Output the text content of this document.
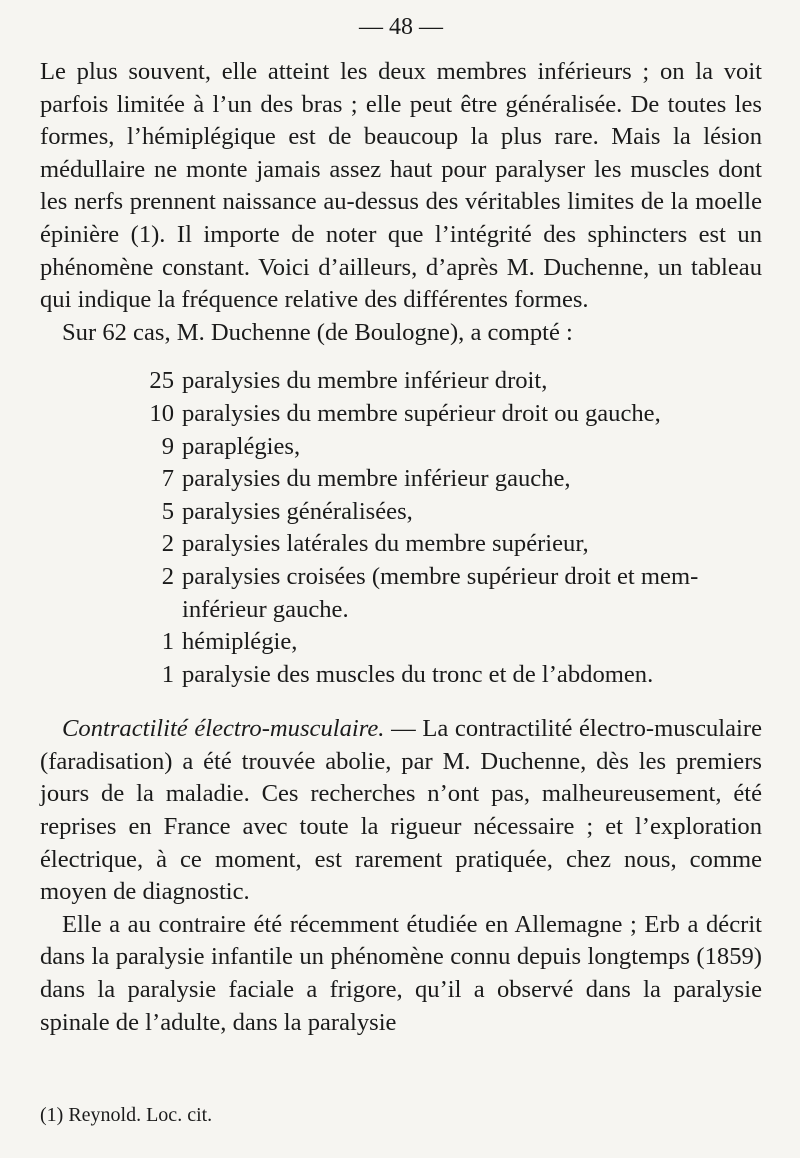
— 48 —

Le plus souvent, elle atteint les deux membres inférieurs ; on la voit parfois limitée à l’un des bras ; elle peut être généralisée. De toutes les formes, l’hémiplégique est de beaucoup la plus rare. Mais la lésion médullaire ne monte jamais assez haut pour paralyser les muscles dont les nerfs prennent naissance au-dessus des véritables limites de la moelle épinière (1). Il importe de noter que l’intégrité des sphincters est un phénomène constant. Voici d’ailleurs, d’après M. Duchenne, un tableau qui indique la fréquence relative des différentes formes.

Sur 62 cas, M. Duchenne (de Boulogne), a compté :

25 paralysies du membre inférieur droit,
10 paralysies du membre supérieur droit ou gauche,
9 paraplégies,
7 paralysies du membre inférieur gauche,
5 paralysies généralisées,
2 paralysies latérales du membre supérieur,
2 paralysies croisées (membre supérieur droit et mem-inférieur gauche.
1 hémiplégie,
1 paralysie des muscles du tronc et de l’abdomen.

Contractilité électro-musculaire. — La contractilité électro-musculaire (faradisation) a été trouvée abolie, par M. Duchenne, dès les premiers jours de la maladie. Ces recherches n’ont pas, malheureusement, été reprises en France avec toute la rigueur nécessaire ; et l’exploration électrique, à ce moment, est rarement pratiquée, chez nous, comme moyen de diagnostic.

Elle a au contraire été récemment étudiée en Allemagne ; Erb a décrit dans la paralysie infantile un phénomène connu depuis longtemps (1859) dans la paralysie faciale a frigore, qu’il a observé dans la paralysie spinale de l’adulte, dans la paralysie

(1) Reynold. Loc. cit.
